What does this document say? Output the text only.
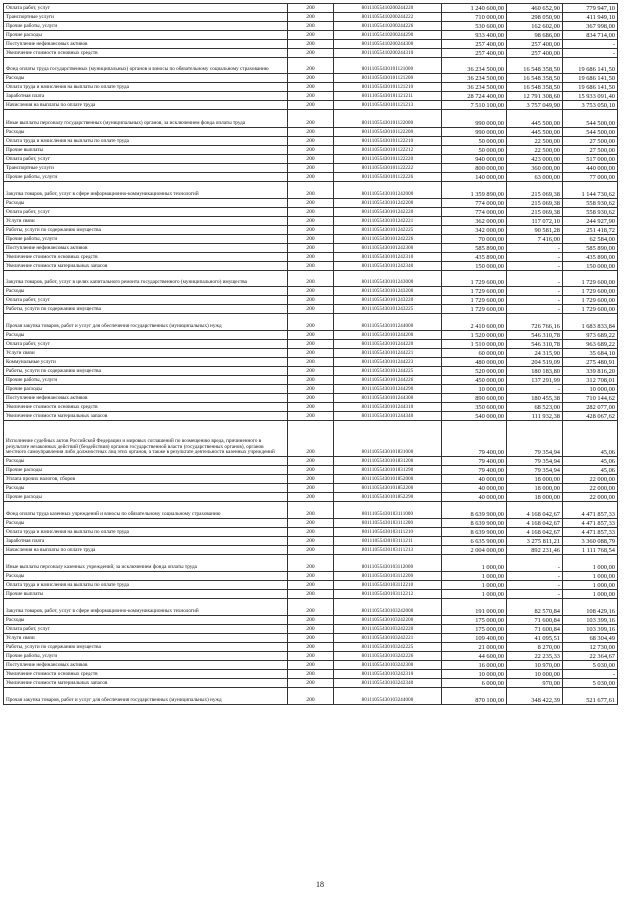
Оплата работ, услуг	200	80111055410200244220	1 240 600,00	460 652,90	779 947,10
Транспортные услуги	200	80111055410200244222	710 000,00	298 050,90	411 949,10
Прочие работы, услуги	200	80111055410200244226	530 600,00	162 602,00	367 998,00
Прочие расходы	200	80111055410200244290	933 400,00	98 686,00	834 714,00
Поступление нефинансовых активов	200	80111055410200244300	257 400,00	257 400,00	-
Увеличение стоимости основных средств	200	80111055410200244310	257 400,00	257 400,00	-
Фонд оплаты труда государственных (муниципальных) органов и взносы по обязательному социальному страхованию	200	80111055430101121000	36 234 500,00	16 548 358,50	19 686 141,50
Расходы	200	80111055430101121200	36 234 500,00	16 548 358,50	19 686 141,50
Оплата труда и начисления на выплаты по оплате труда	200	80111055430101121210	36 234 500,00	16 548 358,50	19 686 141,50
Заработная плата	200	80111055430101121211	28 724 400,00	12 791 308,60	15 933 091,40
Начисления на выплаты по оплате труда	200	80111055430101121213	7 510 100,00	3 757 049,90	3 753 050,10
Иные выплаты персоналу государственных (муниципальных) органов, за исключением фонда оплаты труда	200	80111055430101122000	990 000,00	445 500,00	544 500,00
Расходы	200	80111055430101122200	990 000,00	445 500,00	544 500,00
Оплата труда и начисления на выплаты по оплате труда	200	80111055430101122210	50 000,00	22 500,00	27 500,00
Прочие выплаты	200	80111055430101122212	50 000,00	22 500,00	27 500,00
Оплата работ, услуг	200	80111055430101122220	940 000,00	423 000,00	517 000,00
Транспортные услуги	200	80111055430101122222	800 000,00	360 000,00	440 000,00
Прочие работы, услуги	200	80111055430101122226	140 000,00	63 000,00	77 000,00
Закупка товаров, работ, услуг в сфере информационно-коммуникационных технологий	200	80111055430101242000	1 359 890,00	215 069,38	1 144 730,62
Расходы	200	80111055430101242200	774 000,00	215 069,38	558 930,62
Оплата работ, услуг	200	80111055430101242220	774 000,00	215 069,38	558 930,62
Услуги связи	200	80111055430101242221	362 000,00	117 072,10	244 927,90
Работы, услуги по содержанию имущества	200	80111055430101242225	342 000,00	90 581,28	251 418,72
Прочие работы, услуги	200	80111055430101242226	70 000,00	7 416,00	62 584,00
Поступление нефинансовых активов	200	80111055430101242300	585 890,00	-	585 890,00
Увеличение стоимости основных средств	200	80111055430101242310	435 890,00	-	435 890,00
Увеличение стоимости материальных запасов	200	80111055430101242340	150 000,00	-	150 000,00
Закупка товаров, работ, услуг в целях капитального ремонта государственного (муниципального) имущества	200	80111055430101243000	1 729 600,00	-	1 729 600,00
Расходы	200	80111055430101243200	1 729 600,00	-	1 729 600,00
Оплата работ, услуг	200	80111055430101243220	1 729 600,00	-	1 729 600,00
Работы, услуги по содержанию имущества	200	80111055430101243225	1 729 600,00	-	1 729 600,00
Прочая закупка товаров, работ и услуг для обеспечения государственных (муниципальных) нужд	200	80111055430101244000	2 410 600,00	726 766,16	1 683 833,84
Расходы	200	80111055430101244200	1 520 000,00	546 310,78	973 689,22
Оплата работ, услуг	200	80111055430101244220	1 510 000,00	546 310,78	963 689,22
Услуги связи	200	80111055430101244221	60 000,00	24 315,90	35 684,10
Коммунальные услуги	200	80111055430101244223	480 000,00	204 519,09	275 480,91
Работы, услуги по содержанию имущества	200	80111055430101244225	520 000,00	180 183,80	339 816,20
Прочие работы, услуги	200	80111055430101244226	450 000,00	137 291,99	312 708,01
Прочие расходы	200	80111055430101244290	10 000,00	-	10 000,00
Поступление нефинансовых активов	200	80111055430101244300	890 600,00	180 455,38	710 144,62
Увеличение стоимости основных средств	200	80111055430101244310	350 600,00	68 523,00	282 077,00
Увеличение стоимости материальных запасов	200	80111055430101244340	540 000,00	111 932,38	428 067,62
Исполнение судебных актов Российской Федерации и мировых соглашений по возмещению вреда, причиненного в результате незаконных действий (бездействия) органов государственной власти (государственных органов), органов местного самоуправления либо должностных лиц этих органов, а также в результате деятельности казенных учреждений	200	80111055430101831000	79 400,00	79 354,94	45,06
Расходы	200	80111055430101831200	79 400,00	79 354,94	45,06
Прочие расходы	200	80111055430101831290	79 400,00	79 354,94	45,06
Уплата прочих налогов, сборов	200	80111055430101852000	40 000,00	18 000,00	22 000,00
Расходы	200	80111055430101852200	40 000,00	18 000,00	22 000,00
Прочие расходы	200	80111055430101852290	40 000,00	18 000,00	22 000,00
Фонд оплаты труда казенных учреждений и взносы по обязательному социальному страхованию	200	80111055430103111000	8 639 900,00	4 168 042,67	4 471 857,33
Расходы	200	80111055430103111200	8 639 900,00	4 168 042,67	4 471 857,33
Оплата труда и начисления на выплаты по оплате труда	200	80111055430103111210	8 639 900,00	4 168 042,67	4 471 857,33
Заработная плата	200	80111055430103111211	6 635 900,00	3 275 811,21	3 360 088,79
Начисления на выплаты по оплате труда	200	80111055430103111213	2 004 000,00	892 231,46	1 111 768,54
Иные выплаты персоналу казенных учреждений, за исключением фонда оплаты труда	200	80111055430103112000	1 000,00	-	1 000,00
Расходы	200	80111055430103112200	1 000,00	-	1 000,00
Оплата труда и начисления на выплаты по оплате труда	200	80111055430103112210	1 000,00	-	1 000,00
Прочие выплаты	200	80111055430103112212	1 000,00	-	1 000,00
Закупка товаров, работ, услуг в сфере информационно-коммуникационных технологий	200	80111055430103242000	191 000,00	82 570,84	108 429,16
Расходы	200	80111055430103242200	175 000,00	71 600,84	103 399,16
Оплата работ, услуг	200	80111055430103242220	175 000,00	71 600,84	103 399,16
Услуги связи	200	80111055430103242221	109 400,00	41 095,51	68 304,49
Работы, услуги по содержанию имущества	200	80111055430103242225	21 000,00	8 270,00	12 730,00
Прочие работы, услуги	200	80111055430103242226	44 600,00	22 235,33	22 364,67
Поступление нефинансовых активов	200	80111055430103242300	16 000,00	10 970,00	5 030,00
Увеличение стоимости основных средств	200	80111055430103242310	10 000,00	10 000,00	-
Увеличение стоимости материальных запасов	200	80111055430103242340	6 000,00	970,00	5 030,00
Прочая закупка товаров, работ и услуг для обеспечения государственных (муниципальных) нужд	200	80111055430103244000	870 100,00	348 422,39	521 677,61
18
